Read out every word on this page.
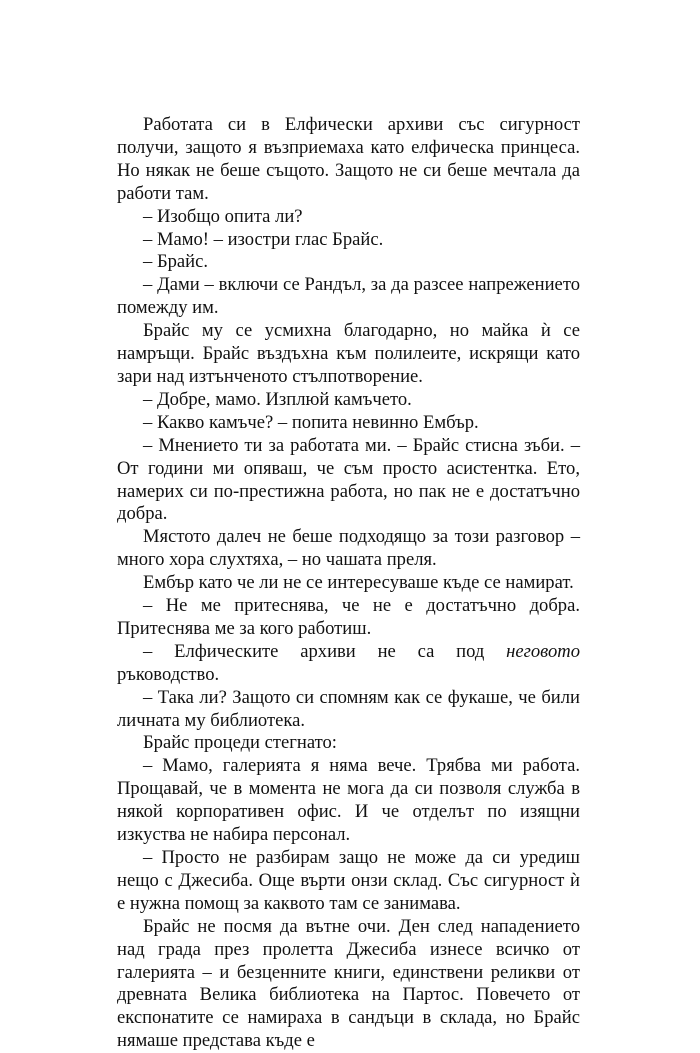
Работата си в Елфически архиви със сигурност получи, защото я възприемаха като елфическа принцеса. Но някак не беше същото. Защото не си беше мечтала да работи там.

– Изобщо опита ли?

– Мамо! – изостри глас Брайс.

– Брайс.

– Дами – включи се Рандъл, за да разсее напрежението помежду им.

Брайс му се усмихна благодарно, но майка ѝ се намръщи. Брайс въздъхна към полилеите, искрящи като зари над изтънченото стълпотворение.

– Добре, мамо. Изплюй камъчето.

– Какво камъче? – попита невинно Ембър.

– Мнението ти за работата ми. – Брайс стисна зъби. – От години ми опяваш, че съм просто асистентка. Ето, намерих си по-престижна работа, но пак не е достатъчно добра.

Мястото далеч не беше подходящо за този разговор – много хора слухтяха, – но чашата преля.

Ембър като че ли не се интересуваше къде се намират.

– Не ме притеснява, че не е достатъчно добра. Притеснява ме за кого работиш.

– Елфическите архиви не са под неговото ръководство.

– Така ли? Защото си спомням как се фукаше, че били личната му библиотека.

Брайс процеди стегнато:

– Мамо, галерията я няма вече. Трябва ми работа. Прощавай, че в момента не мога да си позволя служба в някой корпоративен офис. И че отделът по изящни изкуства не набира персонал.

– Просто не разбирам защо не може да си уредиш нещо с Джесиба. Още върти онзи склад. Със сигурност ѝ е нужна помощ за каквото там се занимава.

Брайс не посмя да вътне очи. Ден след нападението над града през пролетта Джесиба изнесе всичко от галерията – и безценните книги, единствени реликви от древната Велика библиотека на Партос. Повечето от експонатите се намираха в сандъци в склада, но Брайс нямаше представа къде е
